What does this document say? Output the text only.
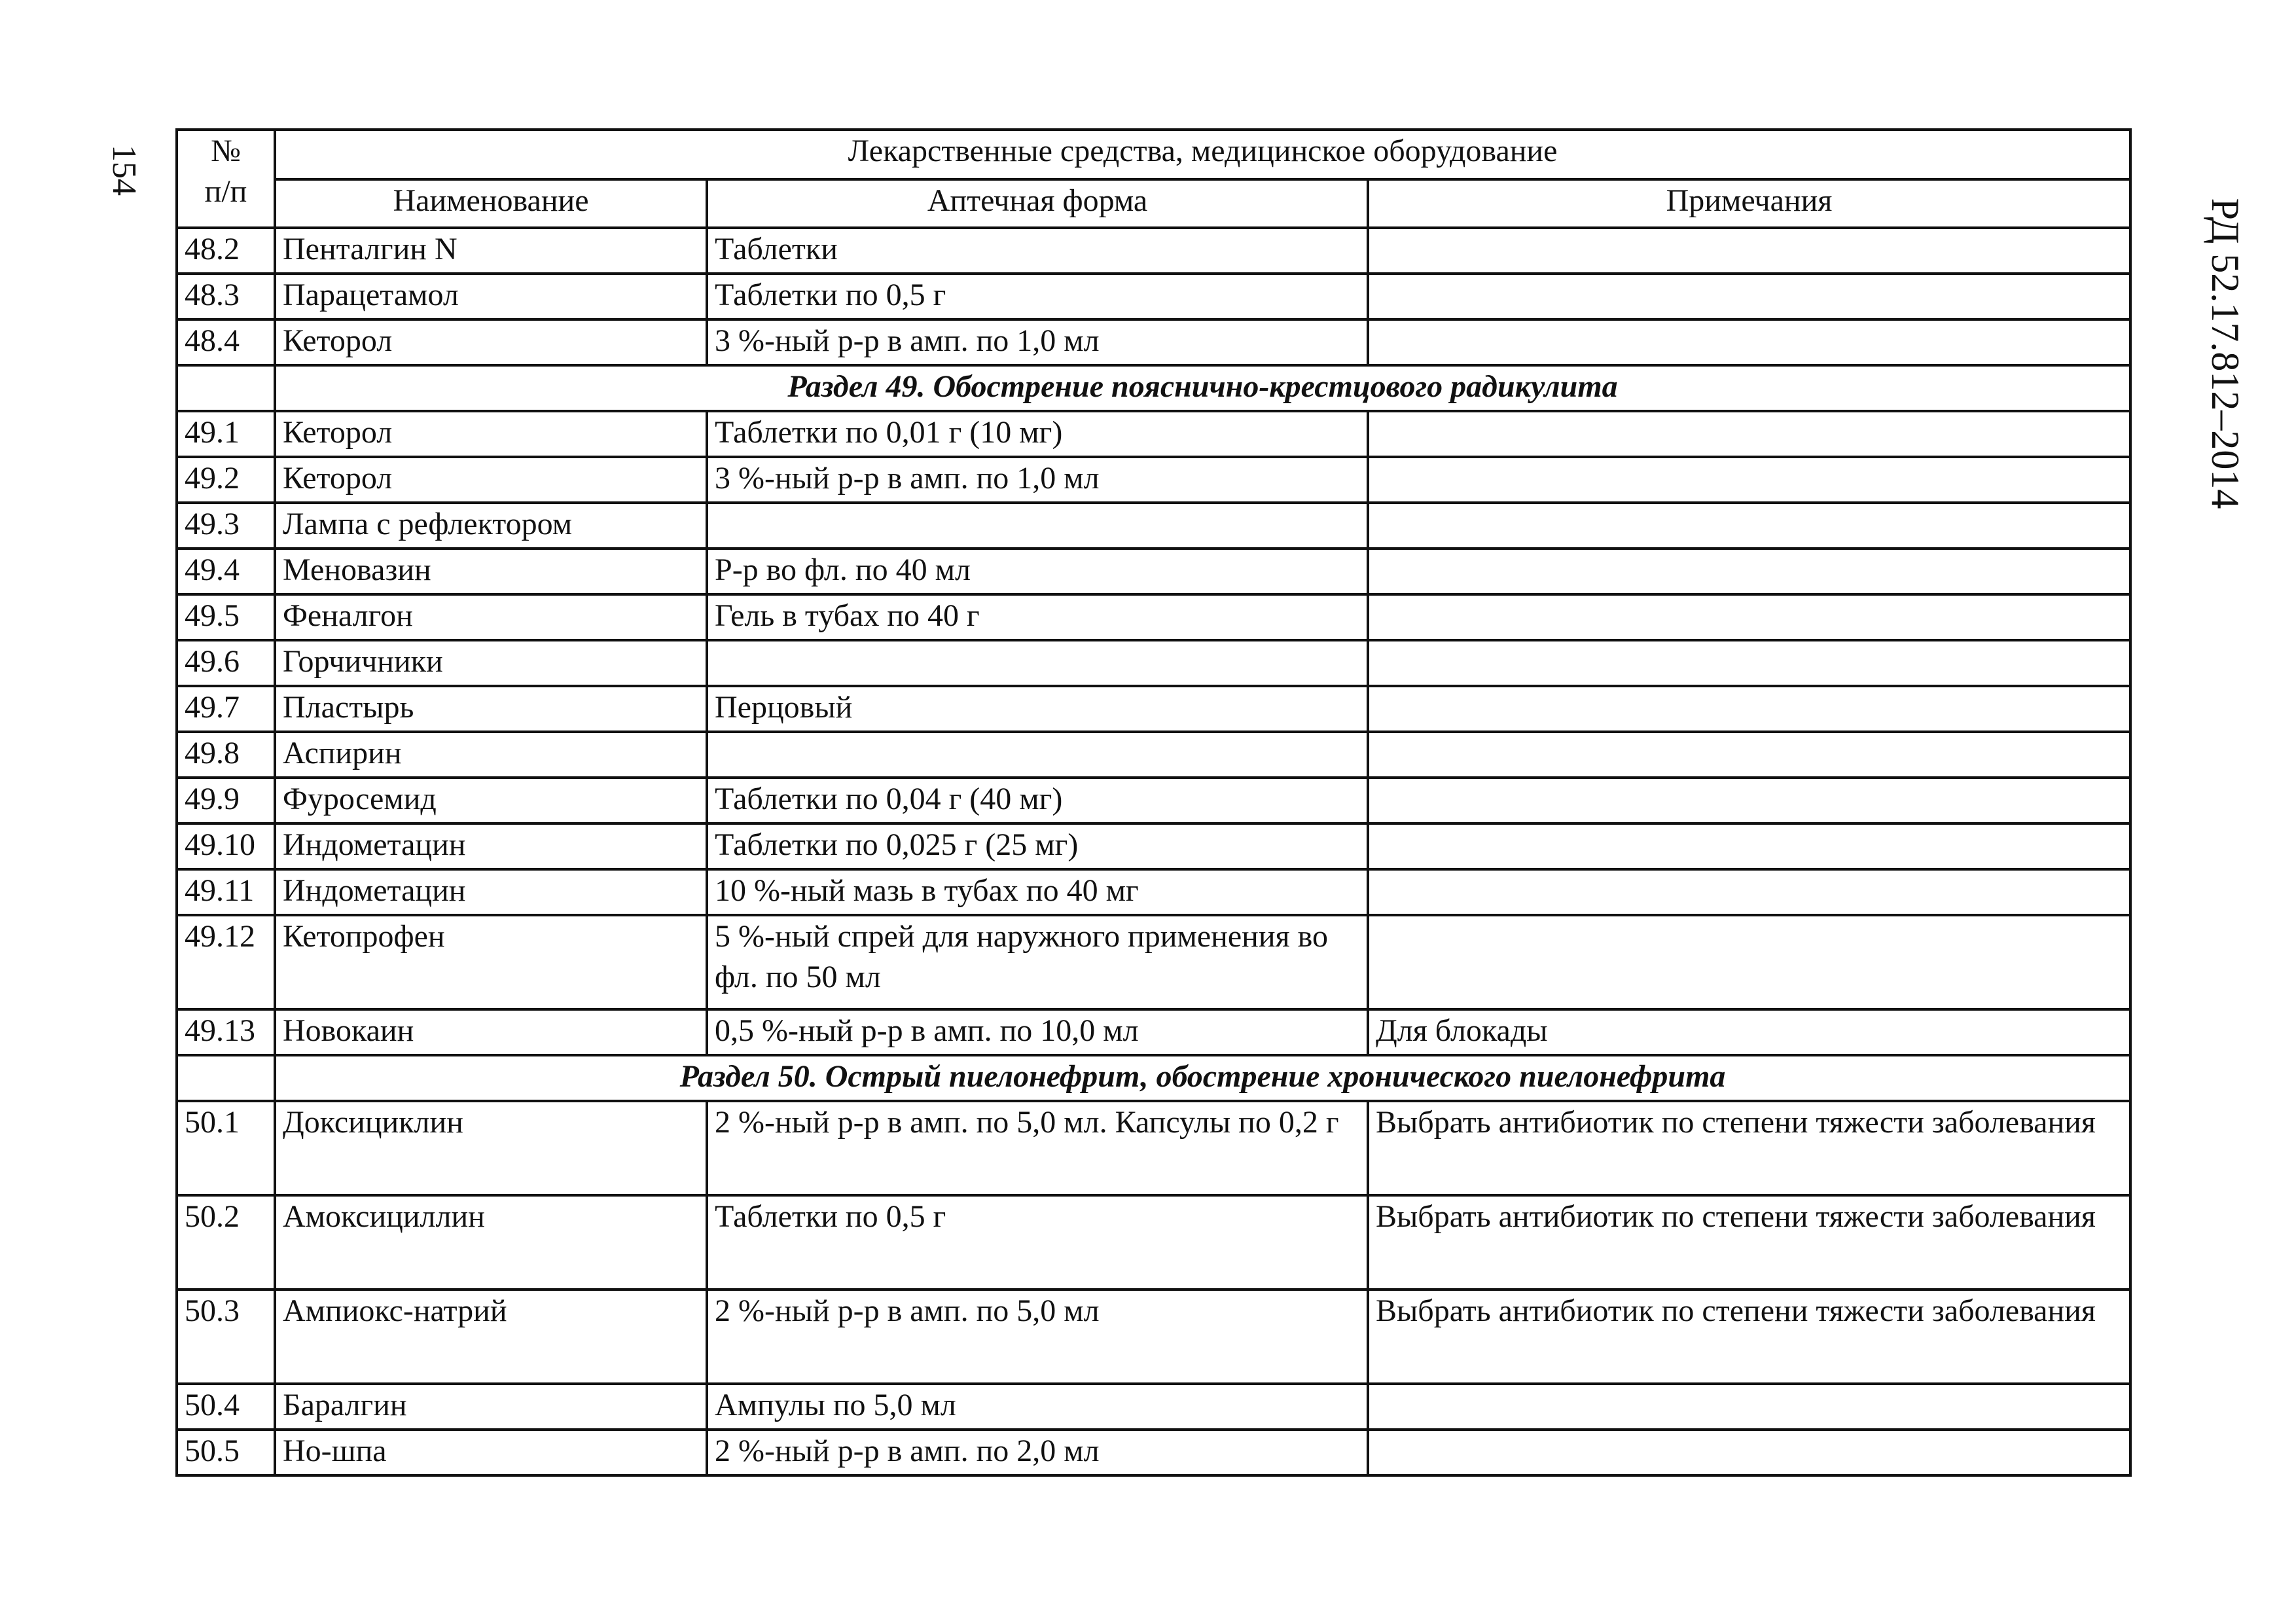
154
РД 52.17.812–2014
№
п/п	Лекарственные средства, медицинское оборудование		
	Наименование	Аптечная форма	Примечания
48.2	Пенталгин N	Таблетки	
48.3	Парацетамол	Таблетки по 0,5 г	
48.4	Кеторол	3 %-ный р-р в амп. по 1,0 мл	
	Раздел 49. Обострение пояснично-крестцового радикулита		
49.1	Кеторол	Таблетки по 0,01 г (10 мг)	
49.2	Кеторол	3 %-ный р-р в амп. по 1,0 мл	
49.3	Лампа с рефлектором		
49.4	Меновазин	Р-р во фл. по 40 мл	
49.5	Феналгон	Гель в тубах по 40 г	
49.6	Горчичники		
49.7	Пластырь	Перцовый	
49.8	Аспирин		
49.9	Фуросемид	Таблетки по 0,04 г (40 мг)	
49.10	Индометацин	Таблетки по 0,025 г (25 мг)	
49.11	Индометацин	10 %-ный мазь в тубах по 40 мг	
49.12	Кетопрофен	5 %-ный спрей для наружного применения во фл. по 50 мл	
49.13	Новокаин	0,5 %-ный р-р в амп. по 10,0 мл	Для блокады
	Раздел 50. Острый пиелонефрит, обострение хронического пиелонефрита		
50.1	Доксициклин	2 %-ный р-р в амп. по 5,0 мл. Капсулы по 0,2 г	Выбрать антибиотик по степени тяжести заболевания
50.2	Амоксициллин	Таблетки по 0,5 г	Выбрать антибиотик по степени тяжести заболевания
50.3	Ампиокс-натрий	2 %-ный р-р в амп. по 5,0 мл	Выбрать антибиотик по степени тяжести заболевания
50.4	Баралгин	Ампулы по 5,0 мл	
50.5	Но-шпа	2 %-ный р-р в амп. по 2,0 мл	
